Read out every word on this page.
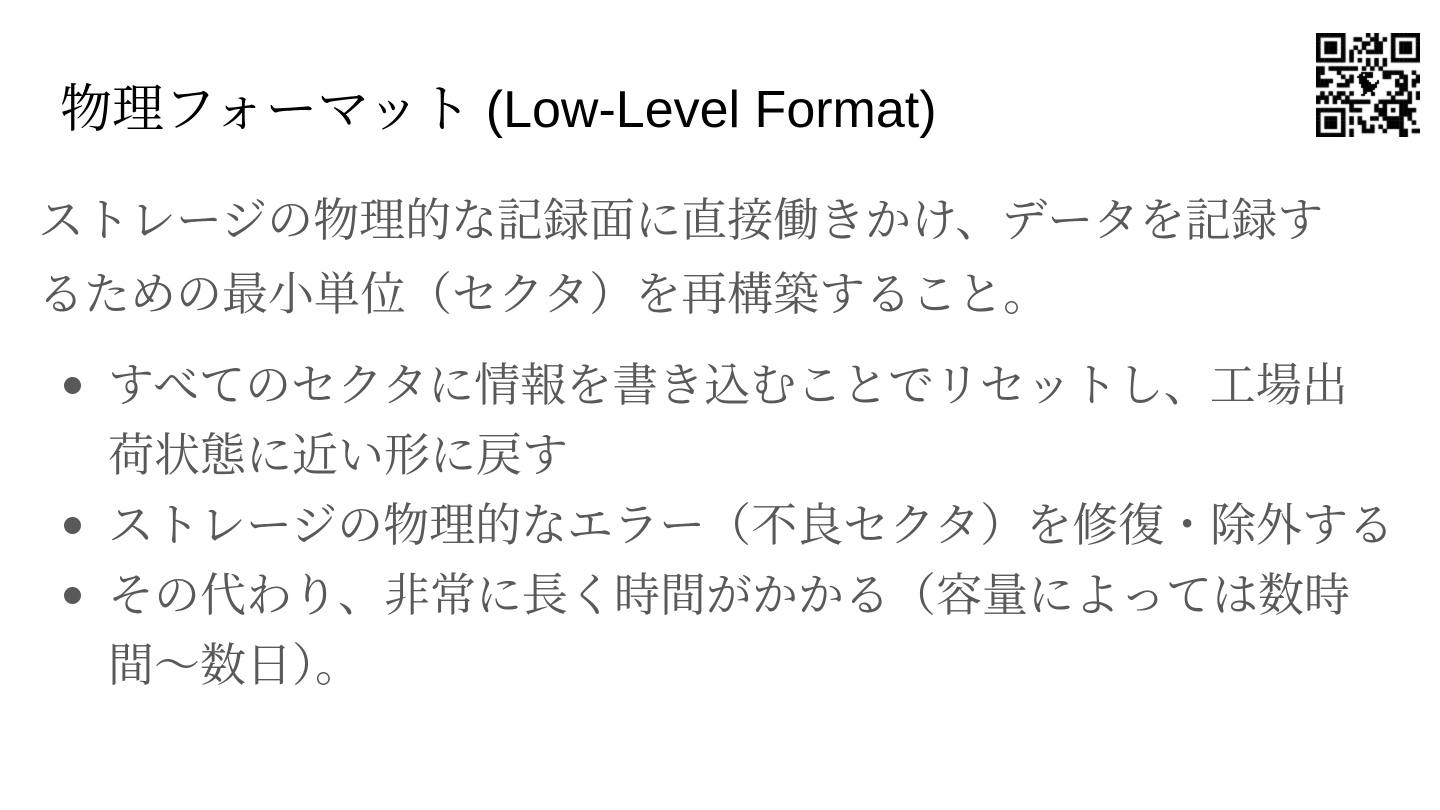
物理フォーマット (Low-Level Format)
ストレージの物理的な記録面に直接働きかけ、データを記録す
るための最小単位（セクタ）を再構築すること。
すべてのセクタに情報を書き込むことでリセットし、工場出
荷状態に近い形に戻す
ストレージの物理的なエラー（不良セクタ）を修復・除外する
その代わり、非常に長く時間がかかる（容量によっては数時
間〜数日）。
